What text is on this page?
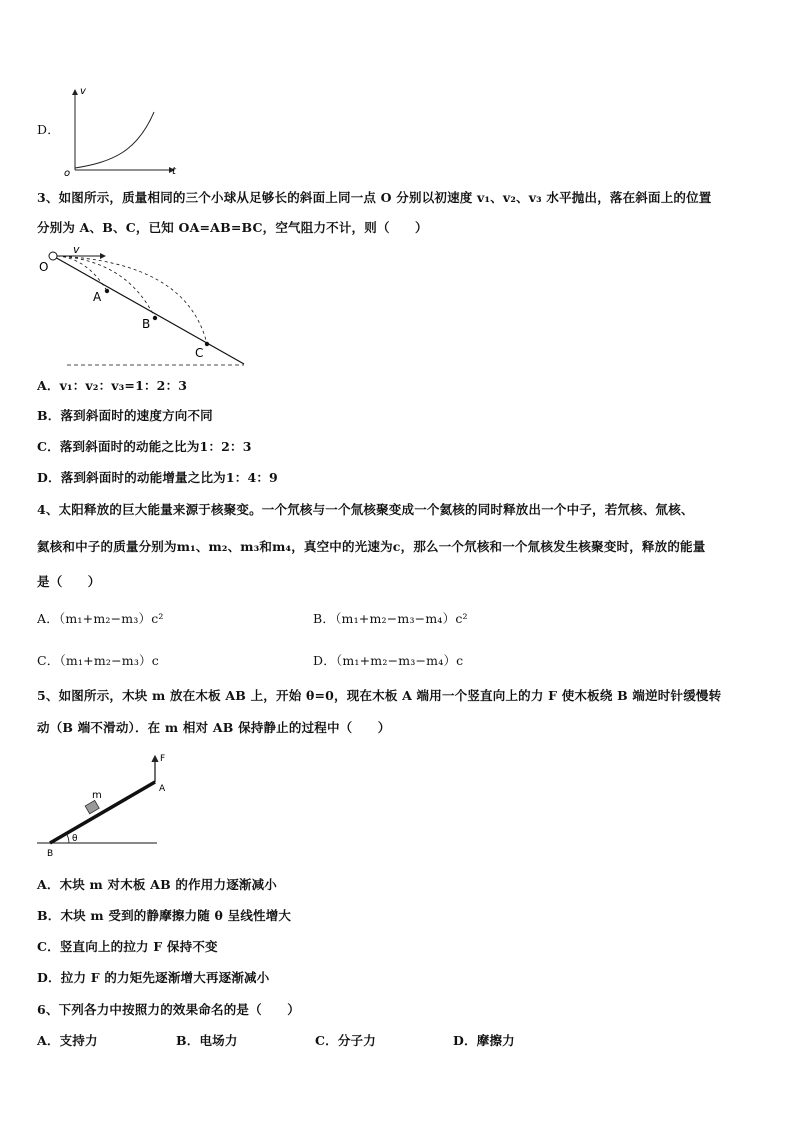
D．
v
t
o
3、如图所示，质量相同的三个小球从足够长的斜面上同一点 O 分别以初速度 v₁、v₂、v₃ 水平抛出，落在斜面上的位置
分别为 A、B、C，已知 OA=AB=BC，空气阻力不计，则（　　）
O
v
A
B
C
A．v₁：v₂：v₃=1：2：3
B．落到斜面时的速度方向不同
C．落到斜面时的动能之比为1：2：3
D．落到斜面时的动能增量之比为1：4：9
4、太阳释放的巨大能量来源于核聚变。一个氘核与一个氚核聚变成一个氦核的同时释放出一个中子，若氘核、氚核、
氦核和中子的质量分别为m₁、m₂、m₃和m₄，真空中的光速为c，那么一个氘核和一个氚核发生核聚变时，释放的能量
是（　　）
A．（m₁+m₂−m₃）c²	B．（m₁+m₂−m₃−m₄）c²
C．（m₁+m₂−m₃）c	D．（m₁+m₂−m₃−m₄）c
5、如图所示，木块 m 放在木板 AB 上，开始 θ=0，现在木板 A 端用一个竖直向上的力 F 使木板绕 B 端逆时针缓慢转
动（B 端不滑动）．在 m 相对 AB 保持静止的过程中（　　）
F
m
A
B
θ
A．木块 m 对木板 AB 的作用力逐渐减小
B．木块 m 受到的静摩擦力随 θ 呈线性增大
C．竖直向上的拉力 F 保持不变
D．拉力 F 的力矩先逐渐增大再逐渐减小
6、下列各力中按照力的效果命名的是（　　）
A．支持力	B．电场力	C．分子力	D．摩擦力
